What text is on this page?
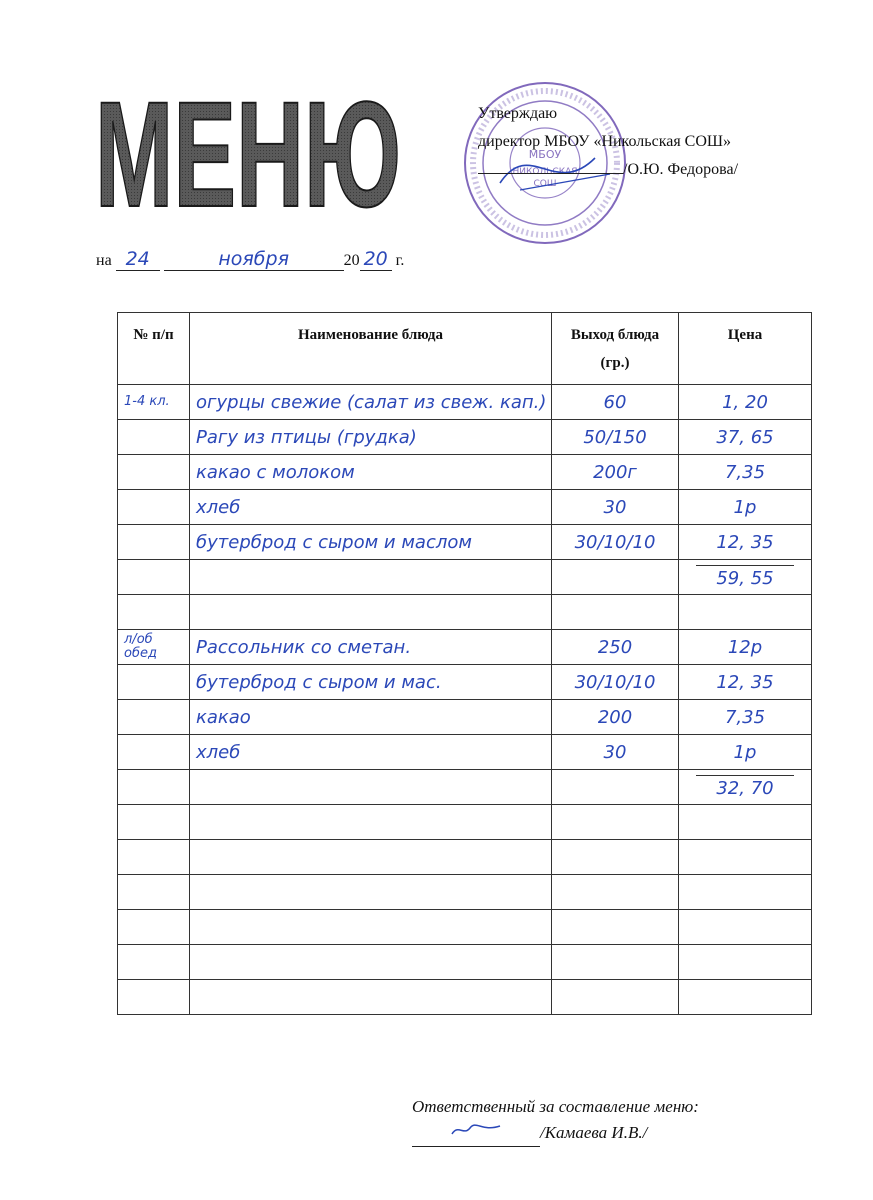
МЕНЮ	МБОУ
НИКОЛЬСКАЯ
СОШ
Утверждаю
директор МБОУ «Никольская СОШ»
/О.Ю. Федорова/
на 24	ноября	20 20 г.
№ п/п	Наименование блюда	Выход блюда (гр.)	Цена
1-4 кл.	огурцы свежие (салат из свеж. кап.)	60	1, 20
	Рагу из птицы (грудка)	50/150	37, 65
	какао с молоком	200г	7,35
	хлеб	30	1р
	бутерброд с сыром и маслом	30/10/10	12, 35
			59, 55

л/об обед	Рассольник со сметан.	250	12р
	бутерброд с сыром и мас.	30/10/10	12, 35
	какао	200	7,35
	хлеб	30	1р
			32, 70

Ответственный за составление меню:
/Камаева И.В./
